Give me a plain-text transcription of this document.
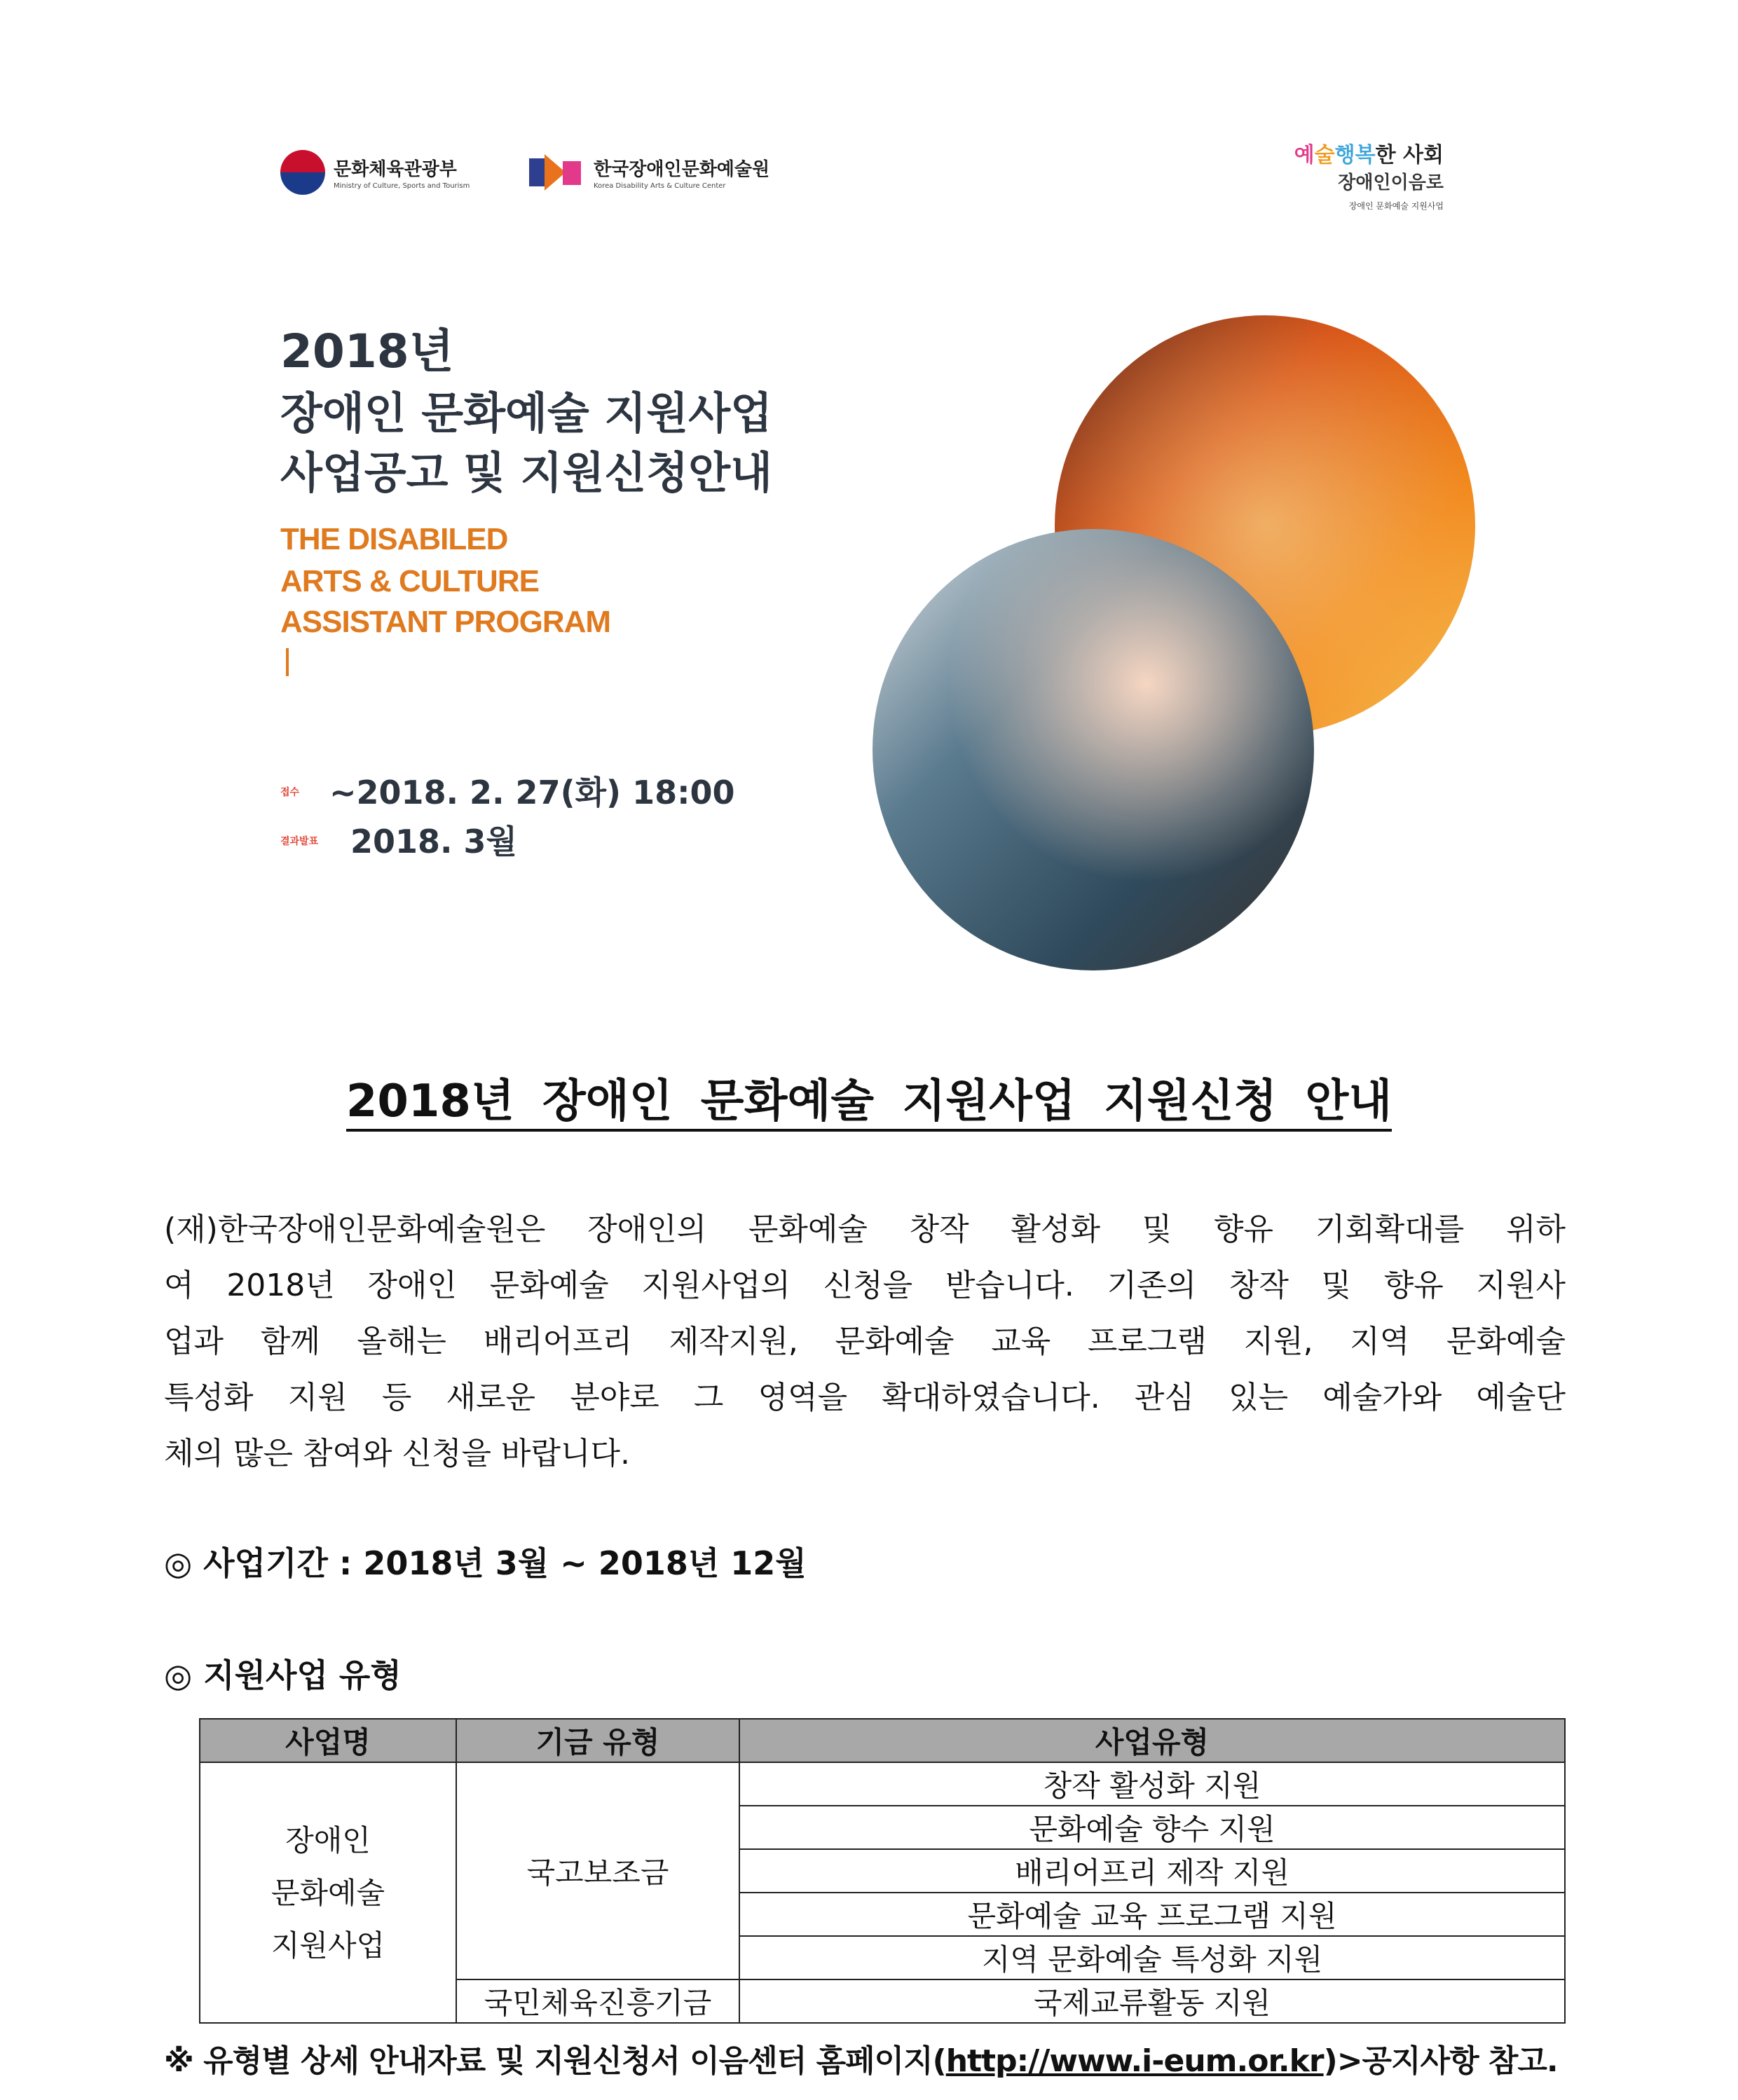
문화체육관광부
Ministry of Culture, Sports and Tourism
한국장애인문화예술원
Korea Disability Arts & Culture Center
예술행복한 사회
장애인이음로
장애인 문화예술 지원사업
2018년
장애인 문화예술 지원사업
사업공고 및 지원신청안내
THE DISABILED
ARTS & CULTURE
ASSISTANT PROGRAM
접수 ~2018. 2. 27(화) 18:00
결과발표 2018. 3월
2018년 장애인 문화예술 지원사업 지원신청 안내

(재)한국장애인문화예술원은 장애인의 문화예술 창작 활성화 및 향유 기회확대를 위하
여 2018년 장애인 문화예술 지원사업의 신청을 받습니다. 기존의 창작 및 향유 지원사
업과 함께 올해는 배리어프리 제작지원, 문화예술 교육 프로그램 지원, 지역 문화예술
특성화 지원 등 새로운 분야로 그 영역을 확대하였습니다. 관심 있는 예술가와 예술단
체의 많은 참여와 신청을 바랍니다.

◎ 사업기간 : 2018년 3월 ~ 2018년 12월
◎ 지원사업 유형
사업명	기금 유형	사업유형

장애인
문화예술
지원사업	국고보조금	창작 활성화 지원
		문화예술 향수 지원
		배리어프리 제작 지원
		문화예술 교육 프로그램 지원
		지역 문화예술 특성화 지원
	국민체육진흥기금	국제교류활동 지원
※ 유형별 상세 안내자료 및 지원신청서 이음센터 홈페이지(http://www.i-eum.or.kr)>공지사항 참고.
